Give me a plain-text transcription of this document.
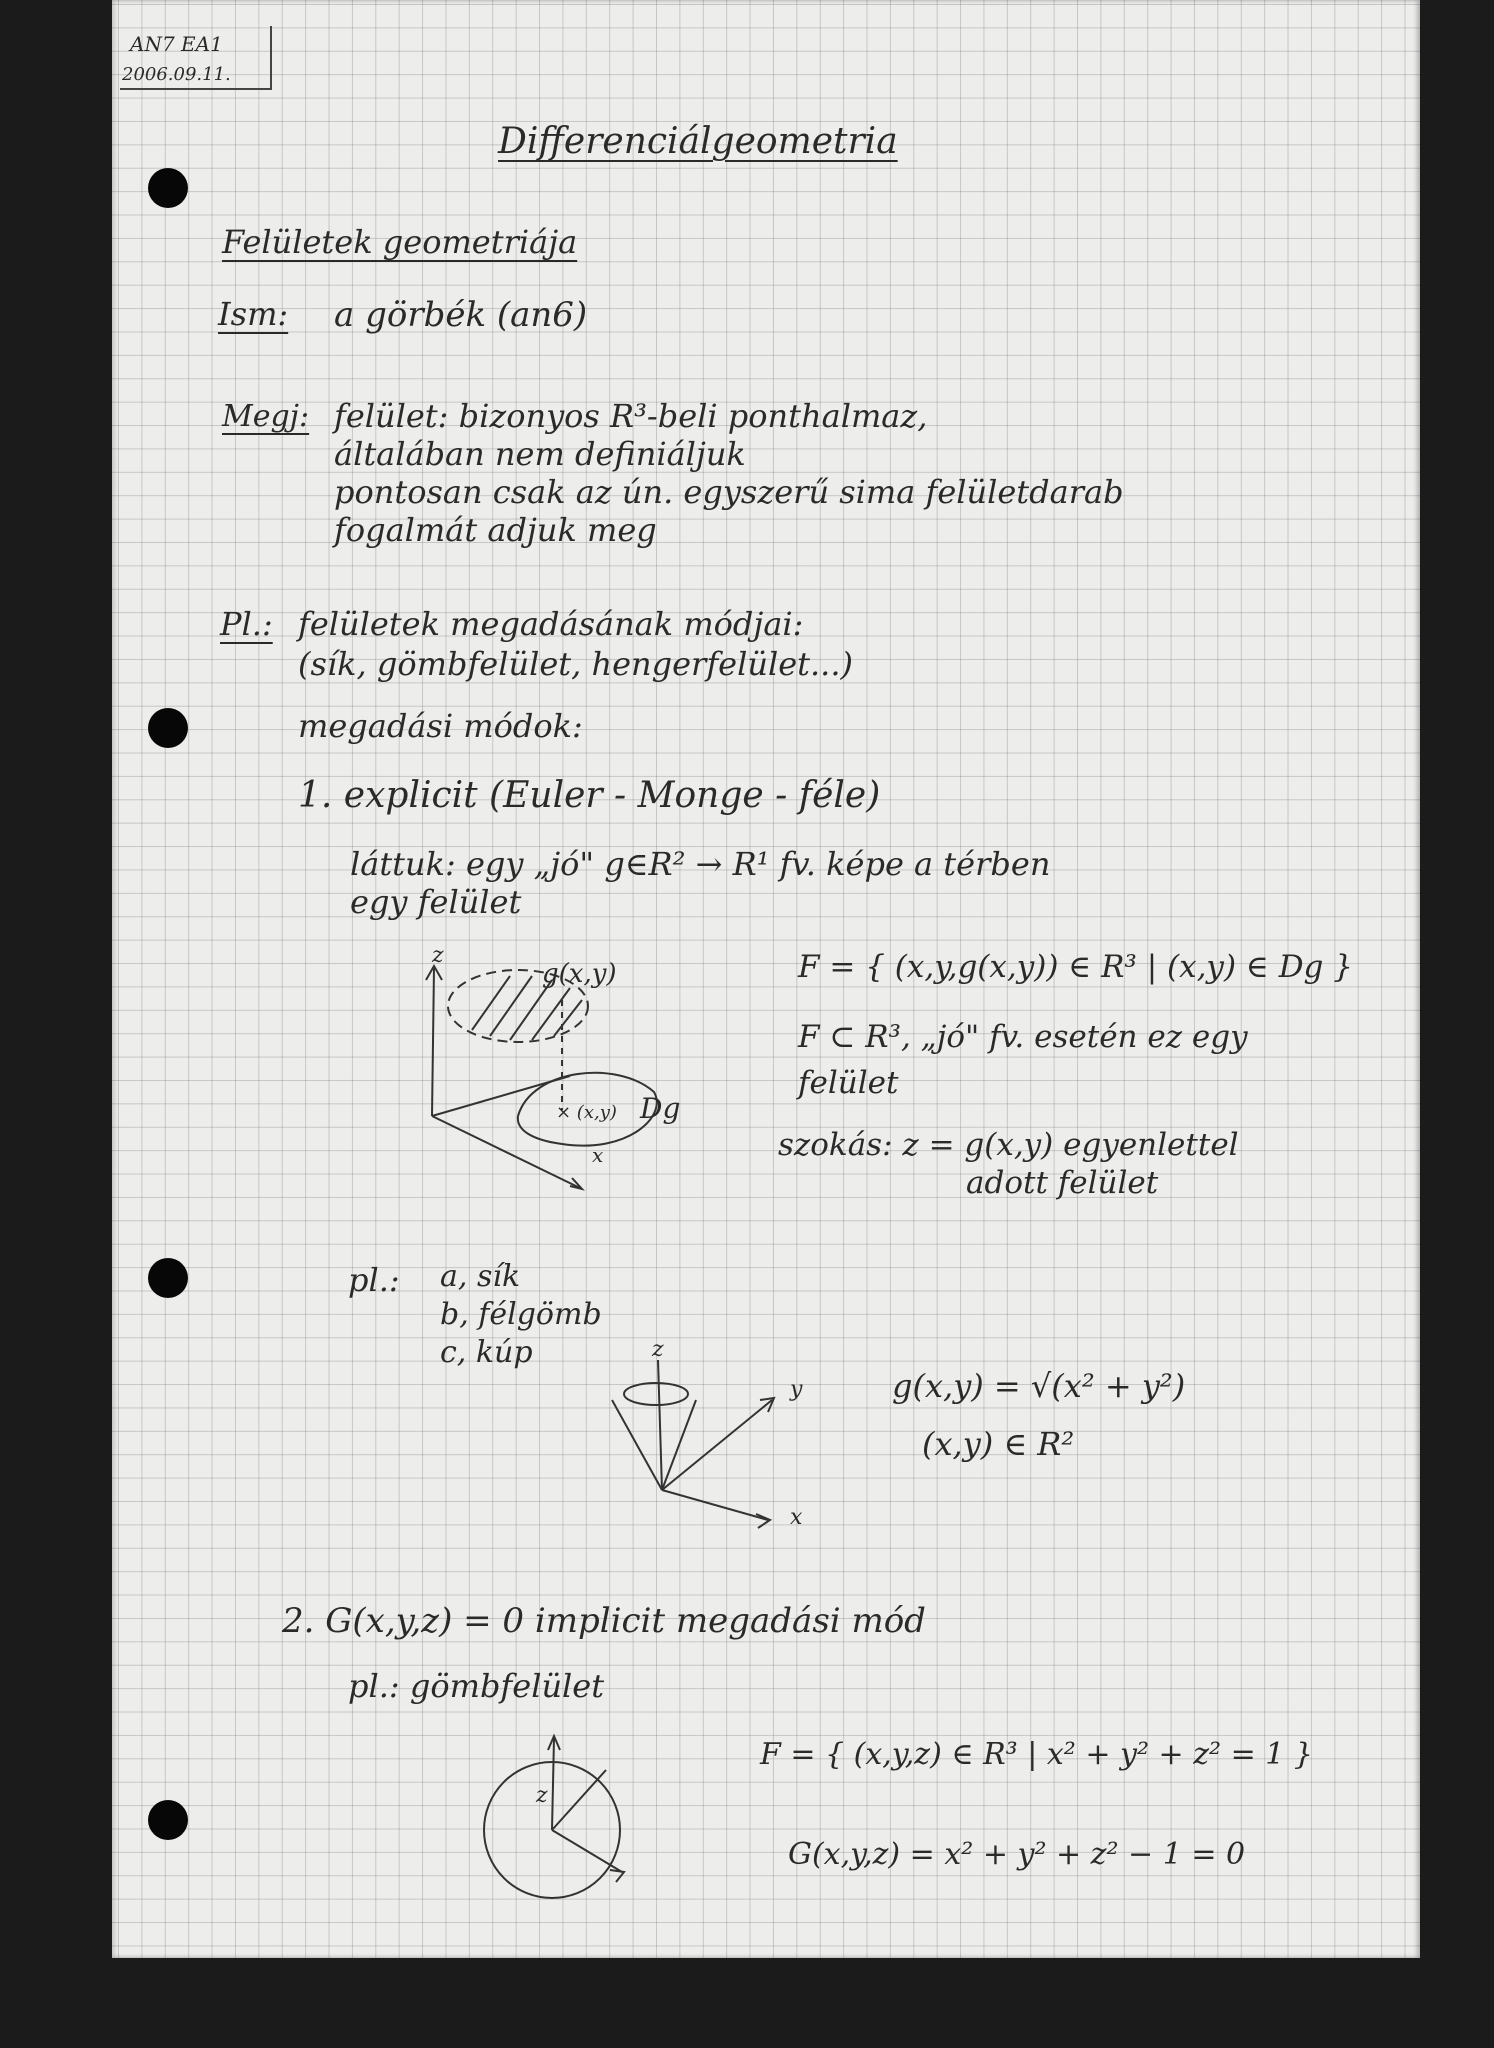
AN7 EA1
2006.09.11.
Differenciálgeometria
Felületek geometriája
Ism: a görbék (an6)
Megj: felület: bizonyos R³-beli ponthalmaz,
általában nem definiáljuk
pontosan csak az ún. egyszerű sima felületdarab
fogalmát adjuk meg
Pl.: felületek megadásának módjai:
(sík, gömbfelület, hengerfelület...)
megadási módok:
1. explicit (Euler - Monge - féle)
láttuk: egy „jó" g∈R² → R¹ fv. képe a térben
egy felület
z
g(x,y)
× (x,y) Dg
x
F = { (x,y,g(x,y)) ∈ R³ | (x,y) ∈ Dg }
F ⊂ R³, „jó" fv. esetén ez egy
felület
szokás: z = g(x,y) egyenlettel
adott felület
pl.: a, sík
b, félgömb
c, kúp	z
y
x
g(x,y) = √(x² + y²)
(x,y) ∈ R²
2. G(x,y,z) = 0 implicit megadási mód
pl.: gömbfelület
z
F = { (x,y,z) ∈ R³ | x² + y² + z² = 1 }
G(x,y,z) = x² + y² + z² − 1 = 0
